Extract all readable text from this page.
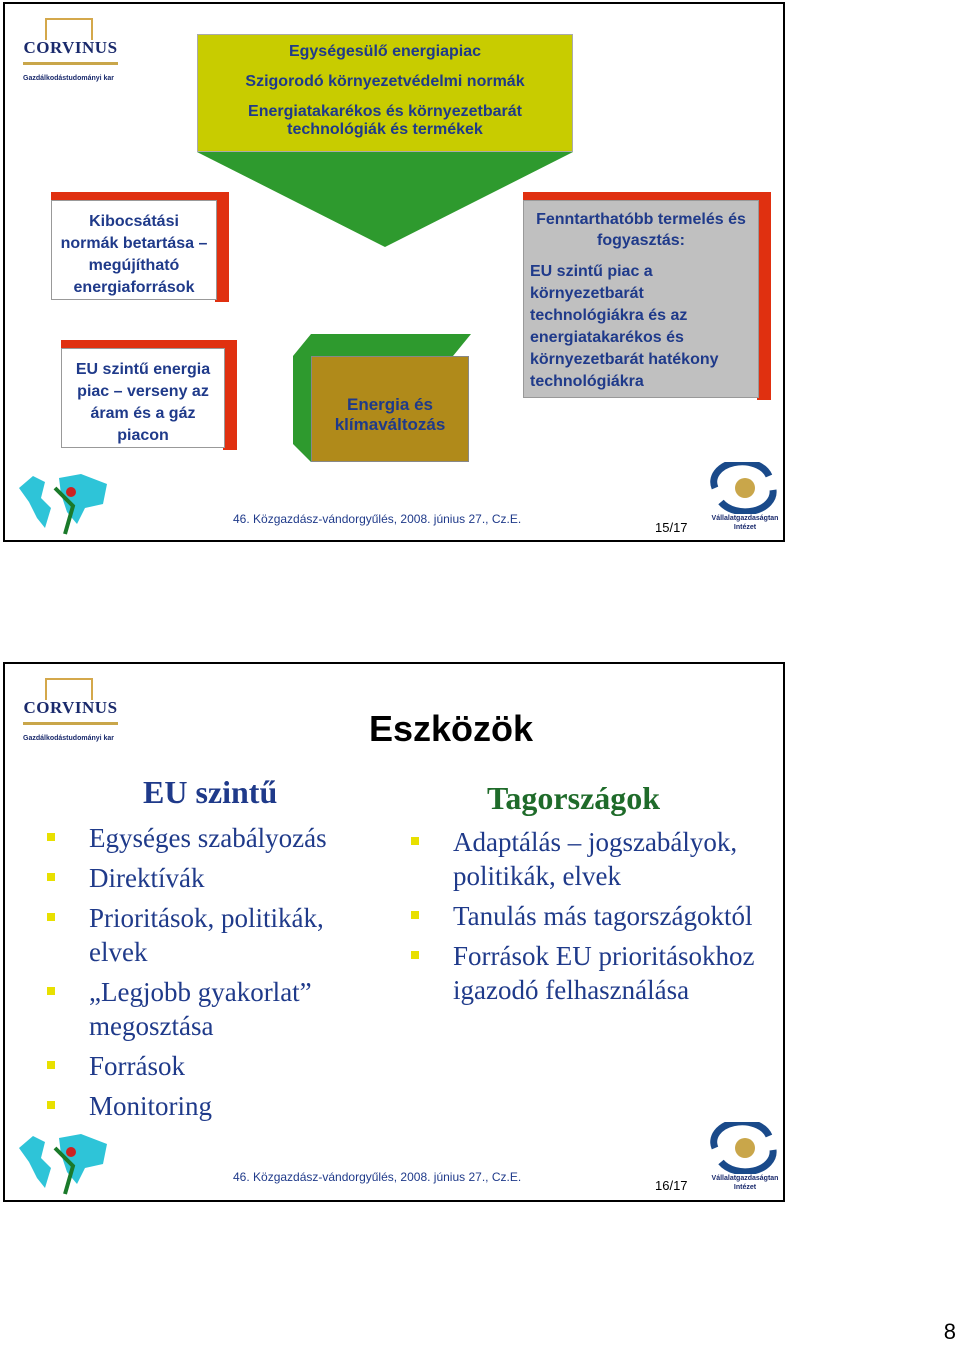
CORVINUS
Gazdálkodástudományi kar
Egységesülő energiapiac
Szigorodó környezetvédelmi normák
Energiatakarékos és környezetbarát technológiák és termékek
Kibocsátási normák betartása – megújítható energiaforrások
EU szintű energia piac – verseny az áram és a gáz piacon
Energia és klímaváltozás
Fenntarthatóbb termelés és fogyasztás:
EU szintű piac a környezetbarát technológiákra és az energiatakarékos és környezetbarát hatékony technológiákra
46. Közgazdász-vándorgyűlés, 2008. június 27., Cz.E.
15/17
Vállalatgazdaságtan Intézet
CORVINUS
Gazdálkodástudományi kar	Eszközök
EU szintű
Egységes szabályozás
Direktívák
Prioritások, politikák, elvek
„Legjobb gyakorlat” megosztása
Források
Monitoring
Tagországok
Adaptálás – jogszabályok, politikák, elvek
Tanulás más tagországoktól
Források EU prioritásokhoz igazodó felhasználása
46. Közgazdász-vándorgyűlés, 2008. június 27., Cz.E.
16/17	Vállalatgazdaságtan Intézet
8
